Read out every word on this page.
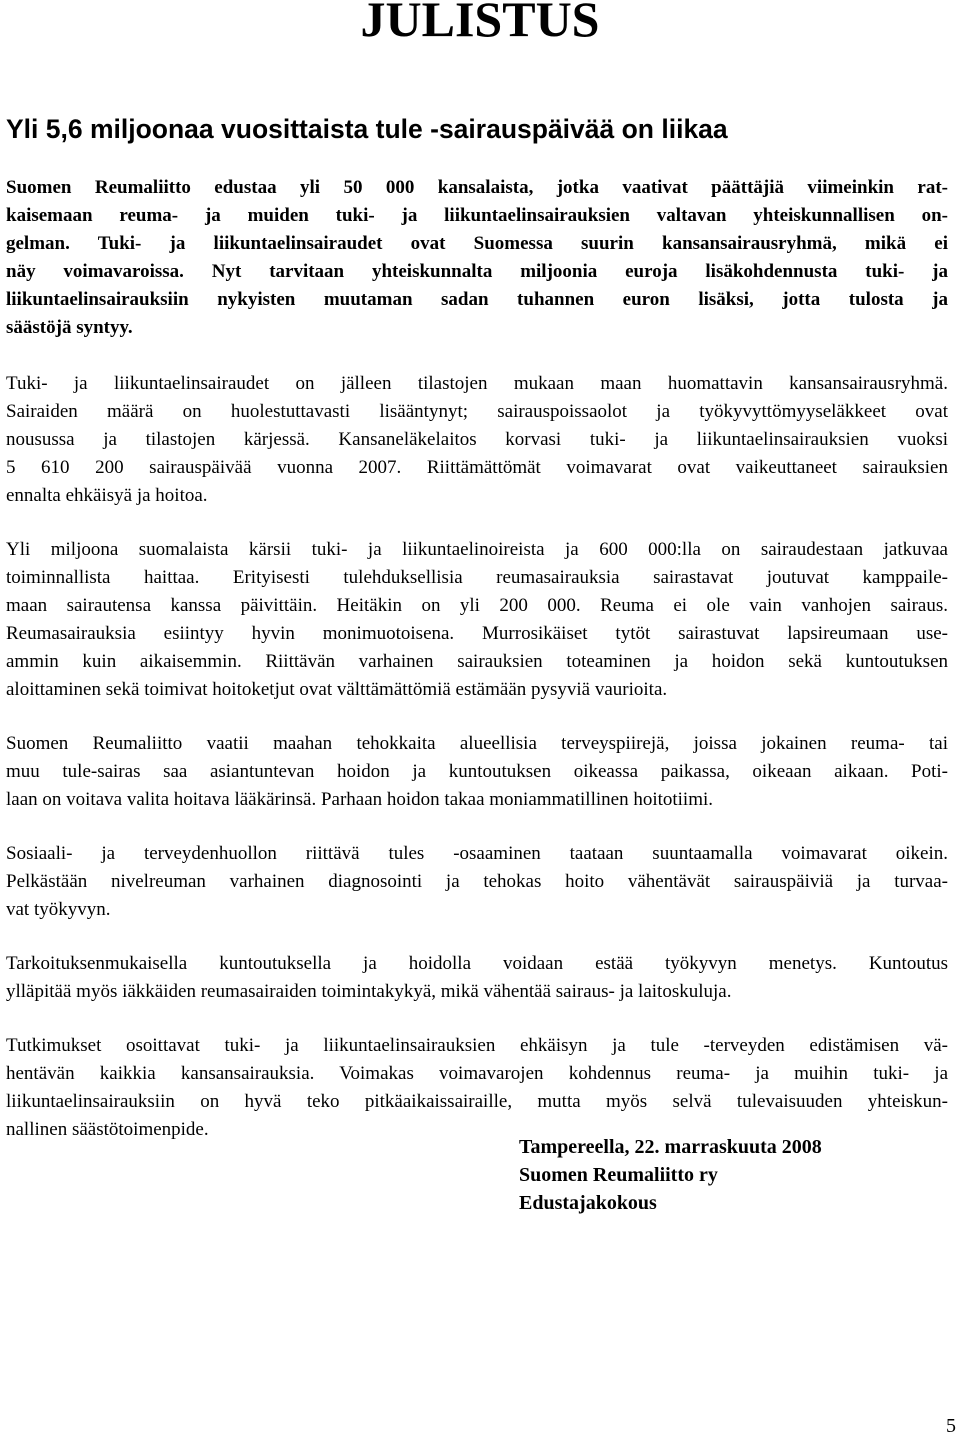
JULISTUS
Yli 5,6 miljoonaa vuosittaista tule -sairauspäivää on liikaa

Suomen Reumaliitto edustaa yli 50 000 kansalaista, jotka vaativat päättäjiä viimeinkin rat-
kaisemaan reuma- ja muiden tuki- ja liikuntaelinsairauksien valtavan yhteiskunnallisen on-
gelman. Tuki- ja liikuntaelinsairaudet ovat Suomessa suurin kansansairausryhmä, mikä ei
näy voimavaroissa. Nyt tarvitaan yhteiskunnalta miljoonia euroja lisäkohdennusta tuki- ja
liikuntaelinsairauksiin nykyisten muutaman sadan tuhannen euron lisäksi, jotta tulosta ja
säästöjä syntyy.

Tuki- ja liikuntaelinsairaudet on jälleen tilastojen mukaan maan huomattavin kansansairausryhmä.
Sairaiden määrä on huolestuttavasti lisääntynyt; sairauspoissaolot ja työkyvyttömyyseläkkeet ovat
nousussa ja tilastojen kärjessä. Kansaneläkelaitos korvasi tuki- ja liikuntaelinsairauksien vuoksi
5 610 200 sairauspäivää vuonna 2007. Riittämättömät voimavarat ovat vaikeuttaneet sairauksien
ennalta ehkäisyä ja hoitoa.

Yli miljoona suomalaista kärsii tuki- ja liikuntaelinoireista ja 600 000:lla on sairaudestaan jatkuvaa
toiminnallista haittaa. Erityisesti tulehduksellisia reumasairauksia sairastavat joutuvat kamppaile-
maan sairautensa kanssa päivittäin. Heitäkin on yli 200 000. Reuma ei ole vain vanhojen sairaus.
Reumasairauksia esiintyy hyvin monimuotoisena. Murrosikäiset tytöt sairastuvat lapsireumaan use-
ammin kuin aikaisemmin. Riittävän varhainen sairauksien toteaminen ja hoidon sekä kuntoutuksen
aloittaminen sekä toimivat hoitoketjut ovat välttämättömiä estämään pysyviä vaurioita.

Suomen Reumaliitto vaatii maahan tehokkaita alueellisia terveyspiirejä, joissa jokainen reuma- tai
muu tule-sairas saa asiantuntevan hoidon ja kuntoutuksen oikeassa paikassa, oikeaan aikaan. Poti-
laan on voitava valita hoitava lääkärinsä. Parhaan hoidon takaa moniammatillinen hoitotiimi.

Sosiaali- ja terveydenhuollon riittävä tules -osaaminen taataan suuntaamalla voimavarat oikein.
Pelkästään nivelreuman varhainen diagnosointi ja tehokas hoito vähentävät sairauspäiviä ja turvaa-
vat työkyvyn.

Tarkoituksenmukaisella kuntoutuksella ja hoidolla voidaan estää työkyvyn menetys. Kuntoutus
ylläpitää myös iäkkäiden reumasairaiden toimintakykyä, mikä vähentää sairaus- ja laitoskuluja.

Tutkimukset osoittavat tuki- ja liikuntaelinsairauksien ehkäisyn ja tule -terveyden edistämisen vä-
hentävän kaikkia kansansairauksia. Voimakas voimavarojen kohdennus reuma- ja muihin tuki- ja
liikuntaelinsairauksiin on hyvä teko pitkäaikaissairaille, mutta myös selvä tulevaisuuden yhteiskun-
nallinen säästötoimenpide.

Tampereella, 22. marraskuuta 2008
Suomen Reumaliitto ry
Edustajakokous
5
